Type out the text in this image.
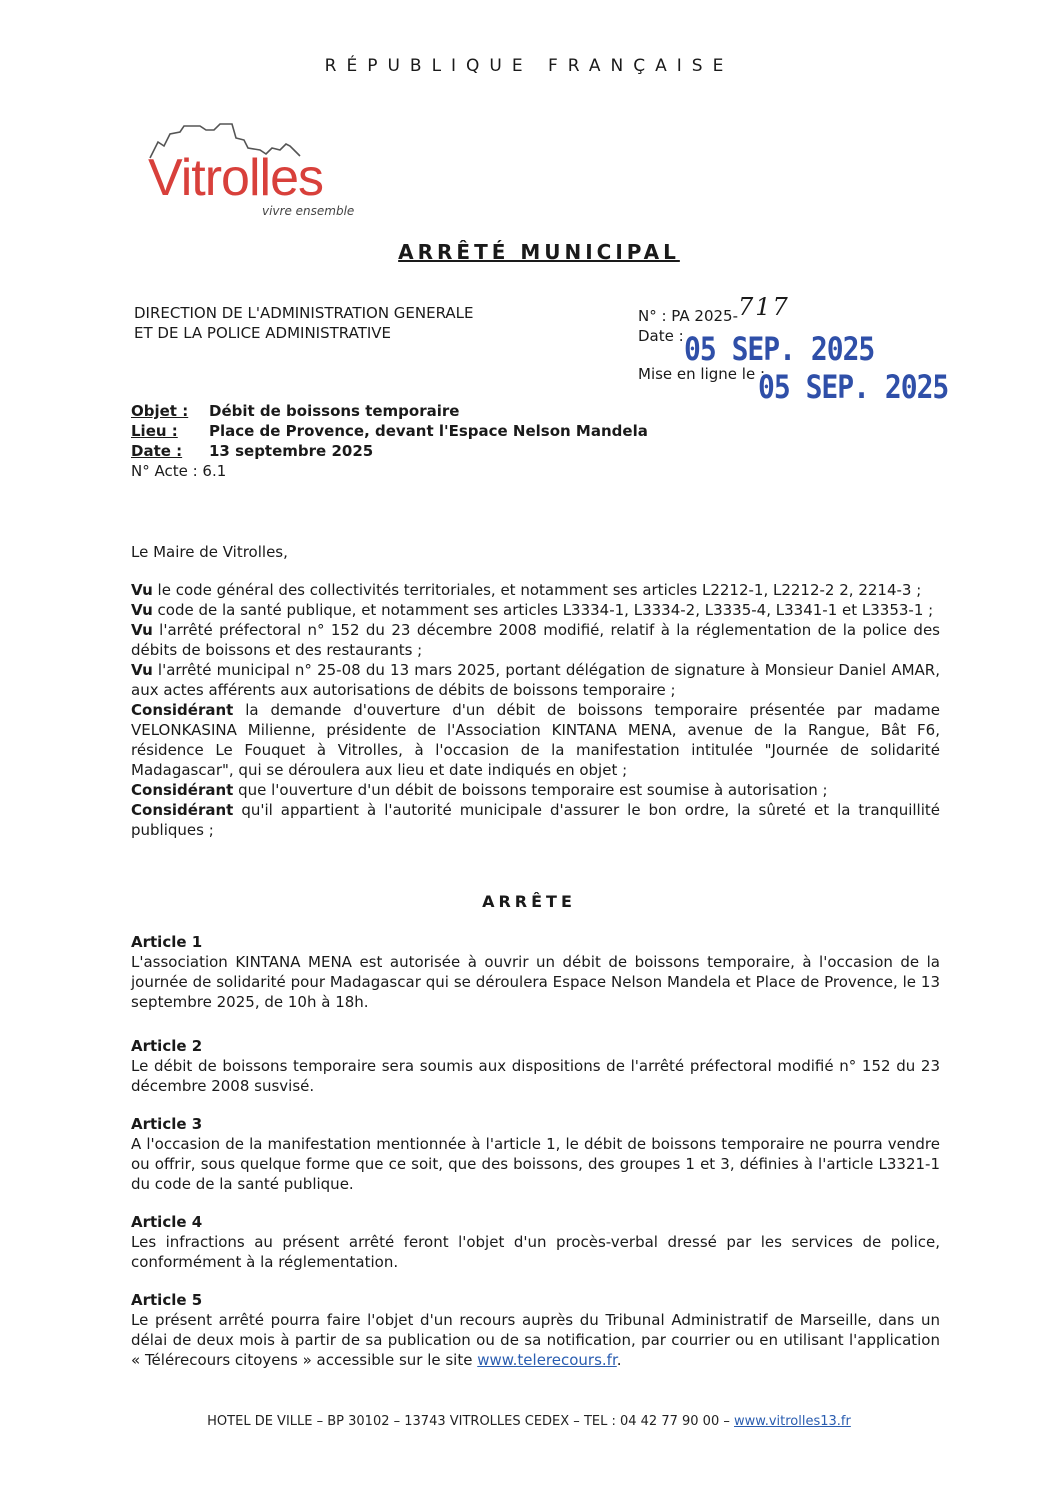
RÉPUBLIQUE FRANÇAISE
Vitrolles
vivre ensemble
ARRÊTÉ MUNICIPAL
DIRECTION DE L'ADMINISTRATION GENERALE
ET DE LA POLICE ADMINISTRATIVE
N° : PA 2025-717
Date :
Mise en ligne le :
05 SEP. 2025
05 SEP. 2025
Objet : Débit de boissons temporaire
Lieu : Place de Provence, devant l'Espace Nelson Mandela
Date : 13 septembre 2025
N° Acte : 6.1
Le Maire de Vitrolles,

Vu le code général des collectivités territoriales, et notamment ses articles L2212-1, L2212-2 2, 2214-3 ;

Vu code de la santé publique, et notamment ses articles L3334-1, L3334-2, L3335-4, L3341-1 et L3353-1 ;

Vu l'arrêté préfectoral n° 152 du 23 décembre 2008 modifié, relatif à la réglementation de la police des débits de boissons et des restaurants ;

Vu l'arrêté municipal n° 25-08 du 13 mars 2025, portant délégation de signature à Monsieur Daniel AMAR, aux actes afférents aux autorisations de débits de boissons temporaire ;

Considérant la demande d'ouverture d'un débit de boissons temporaire présentée par madame VELONKASINA Milienne, présidente de l'Association KINTANA MENA, avenue de la Rangue, Bât F6, résidence Le Fouquet à Vitrolles, à l'occasion de la manifestation intitulée "Journée de solidarité Madagascar", qui se déroulera aux lieu et date indiqués en objet ;

Considérant que l'ouverture d'un débit de boissons temporaire est soumise à autorisation ;

Considérant qu'il appartient à l'autorité municipale d'assurer le bon ordre, la sûreté et la tranquillité publiques ;

ARRÊTE
Article 1

L'association KINTANA MENA est autorisée à ouvrir un débit de boissons temporaire, à l'occasion de la journée de solidarité pour Madagascar qui se déroulera Espace Nelson Mandela et Place de Provence, le 13 septembre 2025, de 10h à 18h.

Article 2

Le débit de boissons temporaire sera soumis aux dispositions de l'arrêté préfectoral modifié n° 152 du 23 décembre 2008 susvisé.

Article 3

A l'occasion de la manifestation mentionnée à l'article 1, le débit de boissons temporaire ne pourra vendre ou offrir, sous quelque forme que ce soit, que des boissons, des groupes 1 et 3, définies à l'article L3321-1 du code de la santé publique.

Article 4

Les infractions au présent arrêté feront l'objet d'un procès-verbal dressé par les services de police, conformément à la réglementation.

Article 5

Le présent arrêté pourra faire l'objet d'un recours auprès du Tribunal Administratif de Marseille, dans un délai de deux mois à partir de sa publication ou de sa notification, par courrier ou en utilisant l'application « Télérecours citoyens » accessible sur le site www.telerecours.fr.

HOTEL DE VILLE – BP 30102 – 13743 VITROLLES CEDEX – TEL : 04 42 77 90 00 – www.vitrolles13.fr
